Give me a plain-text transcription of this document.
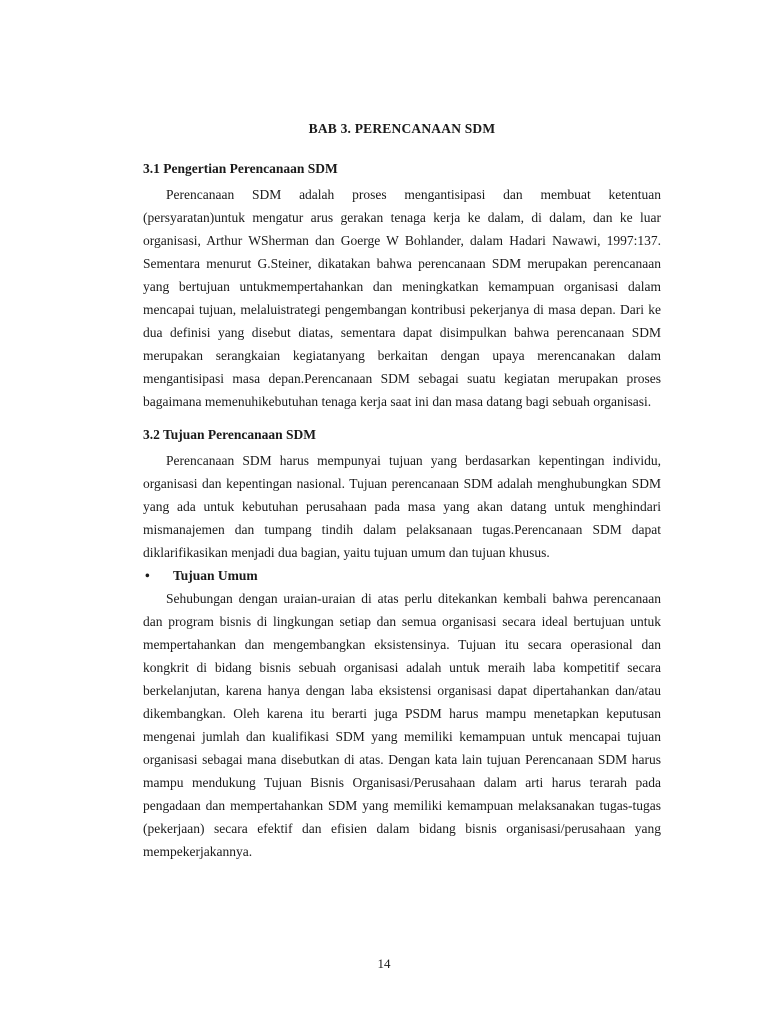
BAB 3. PERENCANAAN SDM
3.1 Pengertian Perencanaan SDM

Perencanaan SDM adalah proses mengantisipasi dan membuat ketentuan (persyaratan)untuk mengatur arus gerakan tenaga kerja ke dalam, di dalam, dan ke luar organisasi, Arthur WSherman dan Goerge W Bohlander, dalam Hadari Nawawi, 1997:137. Sementara menurut G.Steiner, dikatakan bahwa perencanaan SDM merupakan perencanaan yang bertujuan untukmempertahankan dan meningkatkan kemampuan organisasi dalam mencapai tujuan, melaluistrategi pengembangan kontribusi pekerjanya di masa depan. Dari ke dua definisi yang disebut diatas, sementara dapat disimpulkan bahwa perencanaan SDM merupakan serangkaian kegiatanyang berkaitan dengan upaya merencanakan dalam mengantisipasi masa depan.Perencanaan SDM sebagai suatu kegiatan merupakan proses bagaimana memenuhikebutuhan tenaga kerja saat ini dan masa datang bagi sebuah organisasi.

3.2 Tujuan Perencanaan SDM

Perencanaan SDM harus mempunyai tujuan yang berdasarkan kepentingan individu, organisasi dan kepentingan nasional. Tujuan perencanaan SDM adalah menghubungkan SDM yang ada untuk kebutuhan perusahaan pada masa yang akan datang untuk menghindari mismanajemen dan tumpang tindih dalam pelaksanaan tugas.Perencanaan SDM dapat diklarifikasikan menjadi dua bagian, yaitu tujuan umum dan tujuan khusus.

•	Tujuan Umum

Sehubungan dengan uraian-uraian di atas perlu ditekankan kembali bahwa perencanaan dan program bisnis di lingkungan setiap dan semua organisasi secara ideal bertujuan untuk mempertahankan dan mengembangkan eksistensinya. Tujuan itu secara operasional dan kongkrit di bidang bisnis sebuah organisasi adalah untuk meraih laba kompetitif secara berkelanjutan, karena hanya dengan laba eksistensi organisasi dapat dipertahankan dan/atau dikembangkan. Oleh karena itu berarti juga PSDM harus mampu menetapkan keputusan mengenai jumlah dan kualifikasi SDM yang memiliki kemampuan untuk mencapai tujuan organisasi sebagai mana disebutkan di atas. Dengan kata lain tujuan Perencanaan SDM harus mampu mendukung Tujuan Bisnis Organisasi/Perusahaan dalam arti harus terarah pada pengadaan dan mempertahankan SDM yang memiliki kemampuan melaksanakan tugas-tugas (pekerjaan) secara efektif dan efisien dalam bidang bisnis organisasi/perusahaan yang mempekerjakannya.

14
